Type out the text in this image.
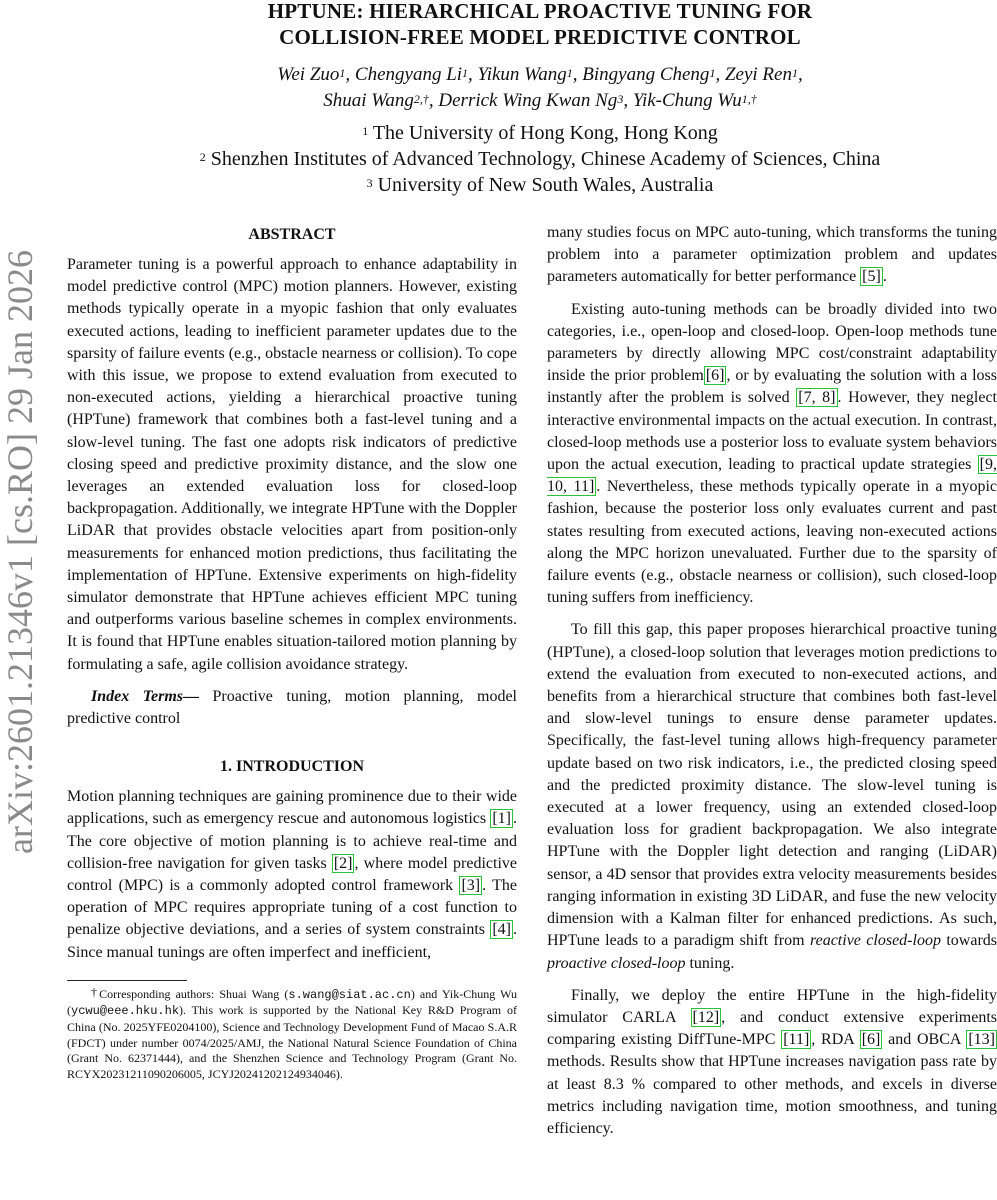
arXiv:2601.21346v1 [cs.RO] 29 Jan 2026
HPTUNE: HIERARCHICAL PROACTIVE TUNING FOR
COLLISION-FREE MODEL PREDICTIVE CONTROL
Wei Zuo$^1$, Chengyang Li$^1$, Yikun Wang$^1$, Bingyang Cheng$^1$, Zeyi Ren$^1$,
Shuai Wang$^{2,\dagger}$, Derrick Wing Kwan Ng$^3$, Yik-Chung $Wu^{1,\dagger}$
$^1$ The University of Hong Kong, Hong Kong
$^2$ Shenzhen Institutes of Advanced Technology, Chinese Academy of Sciences, China
$^3$ University of New South Wales, Australia
ABSTRACT

Parameter tuning is a powerful approach to enhance adaptability in model predictive control (MPC) motion planners. However, existing methods typically operate in a myopic fashion that only evaluates executed actions, leading to inefficient parameter updates due to the sparsity of failure events (e.g., obstacle nearness or collision). To cope with this issue, we propose to extend evaluation from executed to non-executed actions, yielding a hierarchical proactive tuning (HPTune) framework that combines both a fast-level tuning and a slow-level tuning. The fast one adopts risk indicators of predictive closing speed and predictive proximity distance, and the slow one leverages an extended evaluation loss for closed-loop backpropagation. Additionally, we integrate HPTune with the Doppler LiDAR that provides obstacle velocities apart from position-only measurements for enhanced motion predictions, thus facilitating the implementation of HPTune. Extensive experiments on high-fidelity simulator demonstrate that HPTune achieves efficient MPC tuning and outperforms various baseline schemes in complex environments. It is found that HPTune enables situation-tailored motion planning by formulating a safe, agile collision avoidance strategy.

Index Terms— Proactive tuning, motion planning, model predictive control

1. INTRODUCTION

Motion planning techniques are gaining prominence due to their wide applications, such as emergency rescue and autonomous logistics [1] . The core objective of motion planning is to achieve real-time and collision-free navigation for given tasks [2] , where model predictive control (MPC) is a commonly adopted control framework [3] . The operation of MPC requires appropriate tuning of a cost function to penalize objective deviations, and a series of system constraints [4] . Since manual tunings are often imperfect and inefficient,

†Corresponding authors: Shuai Wang (s.wang@siat.ac.cn) and Yik-Chung Wu (ycwu@eee.hku.hk). This work is supported by the National Key R&D Program of China (No. 2025YFE0204100), Science and Technology Development Fund of Macao S.A.R (FDCT) under number 0074/2025/AMJ, the National Natural Science Foundation of China (Grant No. 62371444), and the Shenzhen Science and Technology Program (Grant No. RCYX20231211090206005, JCYJ20241202124934046).

many studies focus on MPC auto-tuning, which transforms the tuning problem into a parameter optimization problem and updates parameters automatically for better performance [5] .

Existing auto-tuning methods can be broadly divided into two categories, i.e., open-loop and closed-loop. Open-loop methods tune parameters by directly allowing MPC cost/constraint adaptability inside the prior problem [6] , or by evaluating the solution with a loss instantly after the problem is solved [7, 8] . However, they neglect interactive environmental impacts on the actual execution. In contrast, closed-loop methods use a posterior loss to evaluate system behaviors upon the actual execution, leading to practical update strategies [9, 10, 11] . Nevertheless, these methods typically operate in a myopic fashion, because the posterior loss only evaluates current and past states resulting from executed actions, leaving non-executed actions along the MPC horizon unevaluated. Further due to the sparsity of failure events (e.g., obstacle nearness or collision), such closed-loop tuning suffers from inefficiency.

To fill this gap, this paper proposes hierarchical proactive tuning (HPTune), a closed-loop solution that leverages motion predictions to extend the evaluation from executed to non-executed actions, and benefits from a hierarchical structure that combines both fast-level and slow-level tunings to ensure dense parameter updates. Specifically, the fast-level tuning allows high-frequency parameter update based on two risk indicators, i.e., the predicted closing speed and the predicted proximity distance. The slow-level tuning is executed at a lower frequency, using an extended closed-loop evaluation loss for gradient backpropagation. We also integrate HPTune with the Doppler light detection and ranging (LiDAR) sensor, a 4D sensor that provides extra velocity measurements besides ranging information in existing 3D LiDAR, and fuse the new velocity dimension with a Kalman filter for enhanced predictions. As such, HPTune leads to a paradigm shift from reactive closed-loop towards proactive closed-loop tuning.

Finally, we deploy the entire HPTune in the high-fidelity simulator CARLA [12] , and conduct extensive experiments comparing existing DiffTune-MPC [11] , RDA [6] and OBCA [13] methods. Results show that HPTune increases navigation pass rate by at least 8.3 % compared to other methods, and excels in diverse metrics including navigation time, motion smoothness, and tuning efficiency.
